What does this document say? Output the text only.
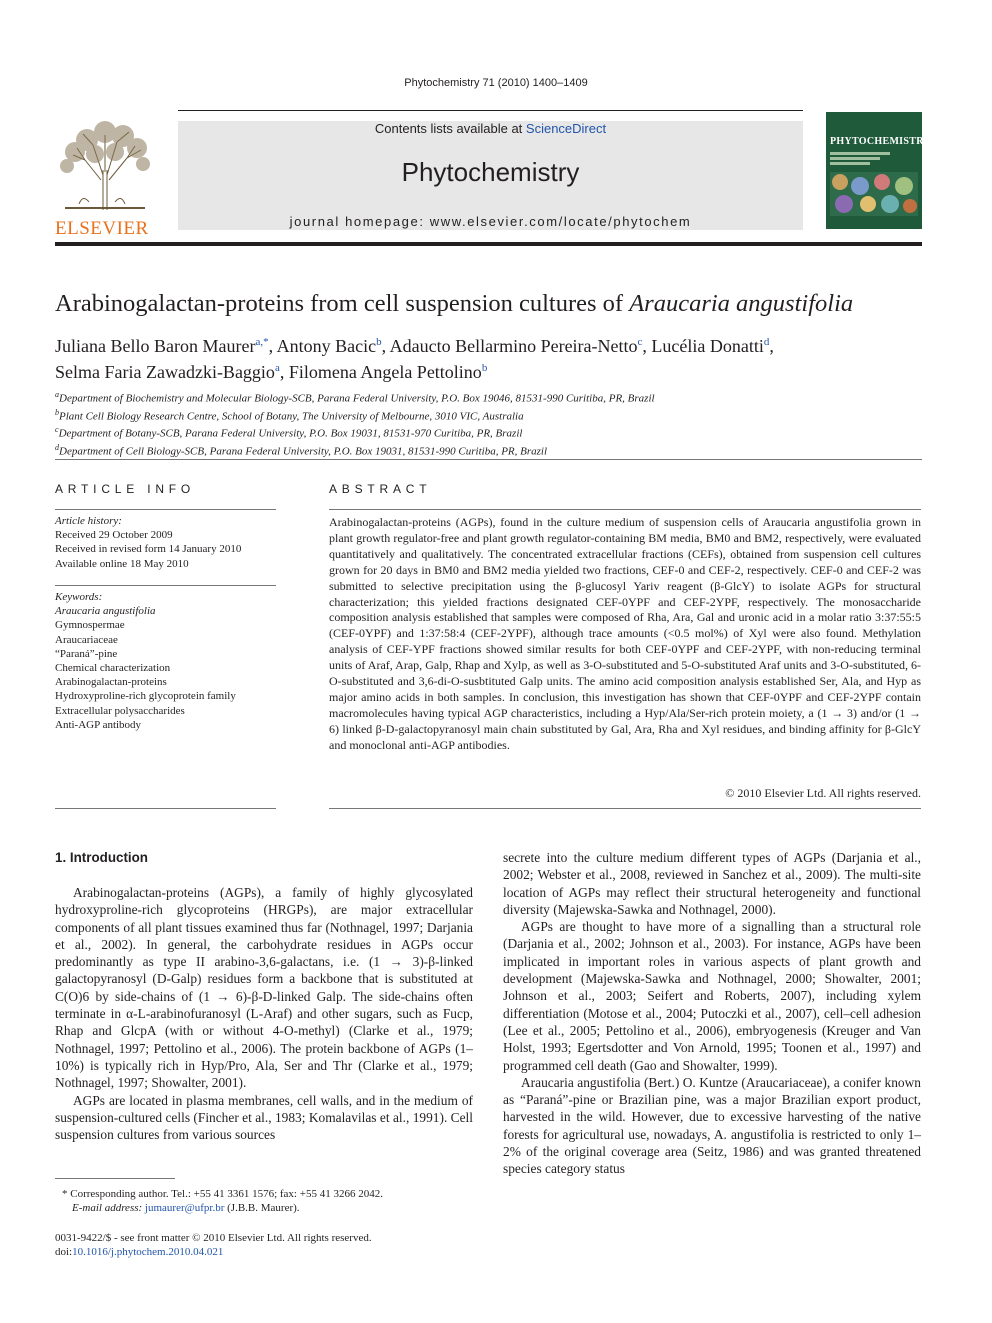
Phytochemistry 71 (2010) 1400–1409
ELSEVIER
Contents lists available at ScienceDirect
Phytochemistry
journal homepage: www.elsevier.com/locate/phytochem
PHYTOCHEMISTRY
Arabinogalactan-proteins from cell suspension cultures of Araucaria angustifolia
Juliana Bello Baron Maurer$^{a,*}$, Antony Bacic$^b$, Adaucto Bellarmino Pereira-Netto$^c$, Lucélia Donatti$^d$,
Selma Faria Zawadzki-Baggio$^a$, Filomena Angela Pettolino$^b$
$^a$Department of Biochemistry and Molecular Biology-SCB, Parana Federal University, P.O. Box 19046, 81531-990 Curitiba, PR, Brazil
$^b$Plant Cell Biology Research Centre, School of Botany, The University of Melbourne, 3010 VIC, Australia
$^c$Department of Botany-SCB, Parana Federal University, P.O. Box 19031, 81531-970 Curitiba, PR, Brazil
$^d$Department of Cell Biology-SCB, Parana Federal University, P.O. Box 19031, 81531-990 Curitiba, PR, Brazil
ARTICLE INFO
Article history:
Received 29 October 2009
Received in revised form 14 January 2010
Available online 18 May 2010
Keywords:
Araucaria angustifolia
Gymnospermae
Araucariaceae
“Paraná”-pine
Chemical characterization
Arabinogalactan-proteins
Hydroxyproline-rich glycoprotein family
Extracellular polysaccharides
Anti-AGP antibody
ABSTRACT
Arabinogalactan-proteins (AGPs), found in the culture medium of suspension cells of Araucaria angustifolia grown in plant growth regulator-free and plant growth regulator-containing BM media, BM0 and BM2, respectively, were evaluated quantitatively and qualitatively. The concentrated extracellular fractions (CEFs), obtained from suspension cell cultures grown for 20 days in BM0 and BM2 media yielded two fractions, CEF-0 and CEF-2, respectively. CEF-0 and CEF-2 was submitted to selective precipitation using the β-glucosyl Yariv reagent (β-GlcY) to isolate AGPs for structural characterization; this yielded fractions designated CEF-0YPF and CEF-2YPF, respectively. The monosaccharide composition analysis established that samples were composed of Rha, Ara, Gal and uronic acid in a molar ratio 3:37:55:5 (CEF-0YPF) and 1:37:58:4 (CEF-2YPF), although trace amounts (<0.5 mol%) of Xyl were also found. Methylation analysis of CEF-YPF fractions showed similar results for both CEF-0YPF and CEF-2YPF, with non-reducing terminal units of Araf, Arap, Galp, Rhap and Xylp, as well as 3-O-substituted and 5-O-substituted Araf units and 3-O-substituted, 6-O-substituted and 3,6-di-O-susbtituted Galp units. The amino acid composition analysis established Ser, Ala, and Hyp as major amino acids in both samples. In conclusion, this investigation has shown that CEF-0YPF and CEF-2YPF contain macromolecules having typical AGP characteristics, including a Hyp/Ala/Ser-rich protein moiety, a (1 → 3) and/or (1 → 6) linked β-D-galactopyranosyl main chain substituted by Gal, Ara, Rha and Xyl residues, and binding affinity for β-GlcY and monoclonal anti-AGP antibodies.
© 2010 Elsevier Ltd. All rights reserved.
1. Introduction

Arabinogalactan-proteins (AGPs), a family of highly glycosylated hydroxyproline-rich glycoproteins (HRGPs), are major extracellular components of all plant tissues examined thus far (Nothnagel, 1997; Darjania et al., 2002). In general, the carbohydrate residues in AGPs occur predominantly as type II arabino-3,6-galactans, i.e. (1 → 3)-β-linked galactopyranosyl (D-Galp) residues form a backbone that is substituted at C(O)6 by side-chains of (1 → 6)-β-D-linked Galp. The side-chains often terminate in α-L-arabinofuranosyl (L-Araf) and other sugars, such as Fucp, Rhap and GlcpA (with or without 4-O-methyl) (Clarke et al., 1979; Nothnagel, 1997; Pettolino et al., 2006). The protein backbone of AGPs (1–10%) is typically rich in Hyp/Pro, Ala, Ser and Thr (Clarke et al., 1979; Nothnagel, 1997; Showalter, 2001).

AGPs are located in plasma membranes, cell walls, and in the medium of suspension-cultured cells (Fincher et al., 1983; Komalavilas et al., 1991). Cell suspension cultures from various sources

secrete into the culture medium different types of AGPs (Darjania et al., 2002; Webster et al., 2008, reviewed in Sanchez et al., 2009). The multi-site location of AGPs may reflect their structural heterogeneity and functional diversity (Majewska-Sawka and Nothnagel, 2000).

AGPs are thought to have more of a signalling than a structural role (Darjania et al., 2002; Johnson et al., 2003). For instance, AGPs have been implicated in important roles in various aspects of plant growth and development (Majewska-Sawka and Nothnagel, 2000; Showalter, 2001; Johnson et al., 2003; Seifert and Roberts, 2007), including xylem differentiation (Motose et al., 2004; Putoczki et al., 2007), cell–cell adhesion (Lee et al., 2005; Pettolino et al., 2006), embryogenesis (Kreuger and Van Holst, 1993; Egertsdotter and Von Arnold, 1995; Toonen et al., 1997) and programmed cell death (Gao and Showalter, 1999).

Araucaria angustifolia (Bert.) O. Kuntze (Araucariaceae), a conifer known as “Paraná”-pine or Brazilian pine, was a major Brazilian export product, harvested in the wild. However, due to excessive harvesting of the native forests for agricultural use, nowadays, A. angustifolia is restricted to only 1–2% of the original coverage area (Seitz, 1986) and was granted threatened species category status

* Corresponding author. Tel.: +55 41 3361 1576; fax: +55 41 3266 2042.
E-mail address: jumaurer@ufpr.br (J.B.B. Maurer).
0031-9422/$ - see front matter © 2010 Elsevier Ltd. All rights reserved.
doi:10.1016/j.phytochem.2010.04.021
